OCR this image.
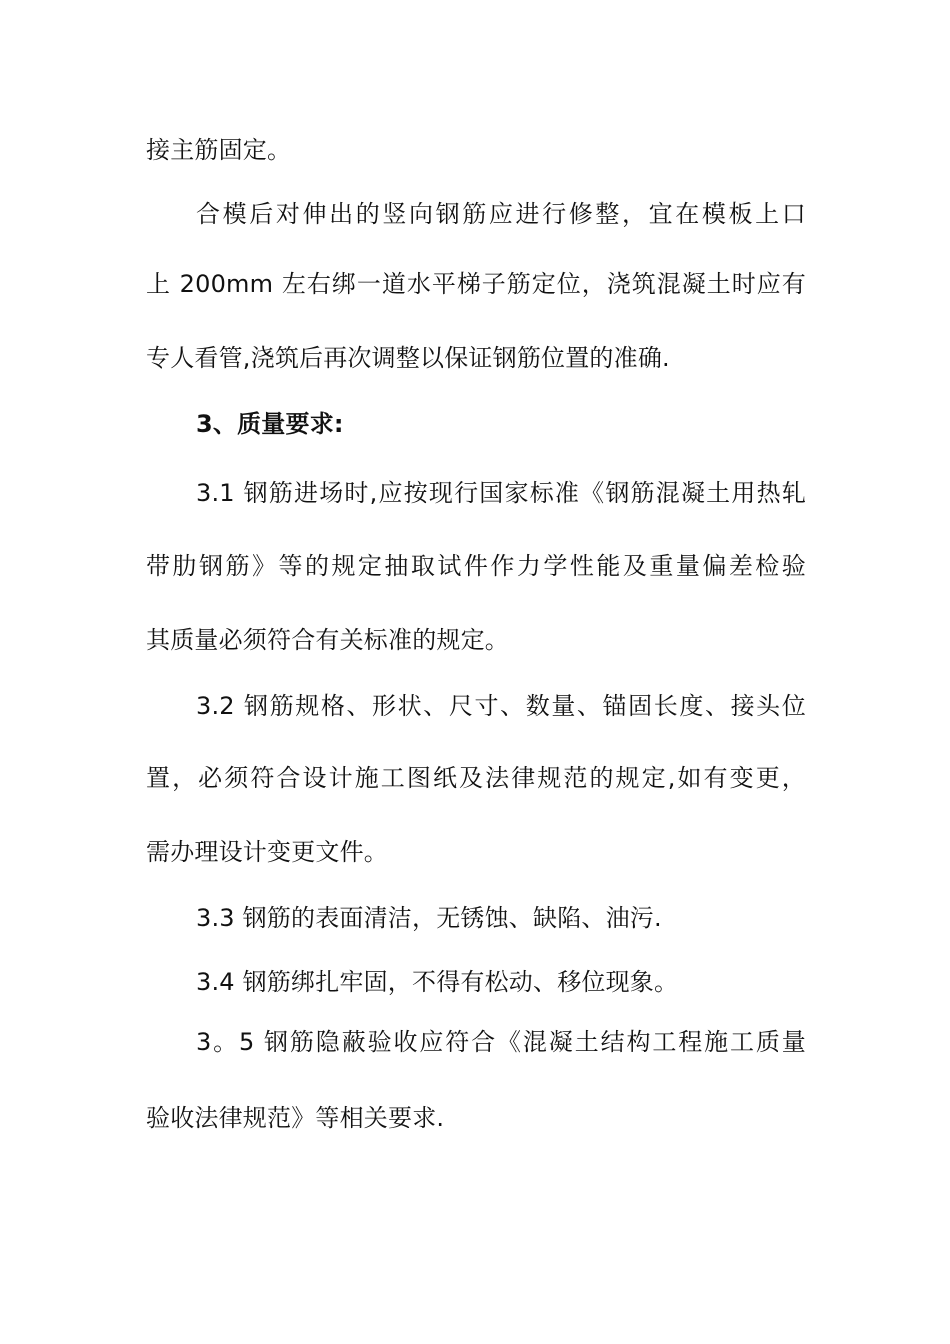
接主筋固定。
合模后对伸出的竖向钢筋应进行修整，宜在模板上口
上 200mm 左右绑一道水平梯子筋定位，浇筑混凝土时应有
专人看管,浇筑后再次调整以保证钢筋位置的准确.
3、质量要求:
3.1 钢筋进场时,应按现行国家标准《钢筋混凝土用热轧
带肋钢筋》等的规定抽取试件作力学性能及重量偏差检验
其质量必须符合有关标准的规定。
3.2 钢筋规格、形状、尺寸、数量、锚固长度、接头位
置，必须符合设计施工图纸及法律规范的规定,如有变更，
需办理设计变更文件。
3.3 钢筋的表面清洁，无锈蚀、缺陷、油污.
3.4 钢筋绑扎牢固，不得有松动、移位现象。
3。5 钢筋隐蔽验收应符合《混凝土结构工程施工质量
验收法律规范》等相关要求.
